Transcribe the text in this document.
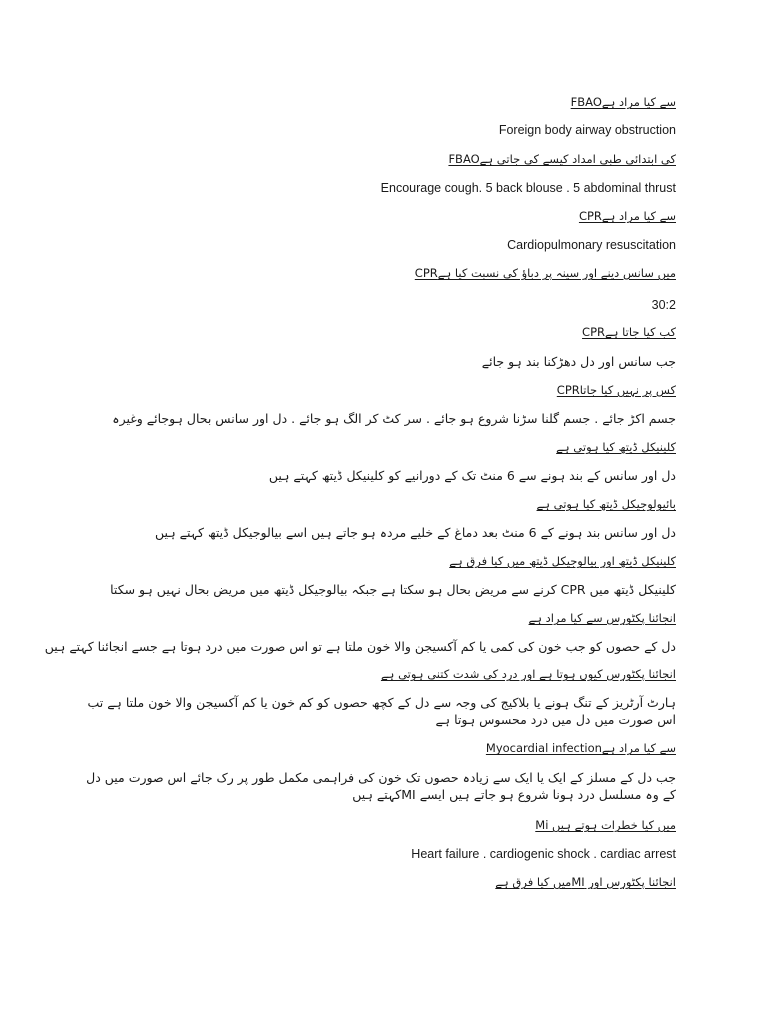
FBAOسے کیا مراد ہے
Foreign body airway obstruction
FBAOکی ابتدائی طبی امداد کیسے کی جاتی ہے
Encourage cough. 5 back blouse . 5 abdominal thrust
CPRسے کیا مراد ہے
Cardiopulmonary resuscitation
CPRمیں سانس دینے اور سینہ پر دباؤ کی نسبت کیا ہے
30:2
CPRکب کیا جاتا ہے
جب سانس اور دل دھڑکنا بند ہو جائے
CPRکس پر نہیں کیا جاتا
جسم اکڑ جائے . جسم گلنا سڑنا شروع ہو جائے . سر کٹ کر الگ ہو جائے . دل اور سانس بحال ہوجائے وغیرہ
کلینیکل ڈیتھ کیا ہوتی ہے
دل اور سانس کے بند ہونے سے 6 منٹ تک کے دورانیے کو کلینیکل ڈیتھ کہتے ہیں
بائیولوجیکل ڈیتھ کیا ہوتی ہے
دل اور سانس بند ہونے کے 6 منٹ بعد دماغ کے خلیے مردہ ہو جاتے ہیں اسے بیالوجیکل ڈیتھ کہتے ہیں
کلینیکل ڈیتھ اور بیالوجیکل ڈیتھ میں کیا فرق ہے
کلینیکل ڈیتھ میں CPR کرنے سے مریض بحال ہو سکتا ہے جبکہ بیالوجیکل ڈیتھ میں مریض بحال نہیں ہو سکتا
انجائنا پکٹورس سے کیا مراد ہے
دل کے حصوں کو جب خون کی کمی یا کم آکسیجن والا خون ملتا ہے تو اس صورت میں درد ہوتا ہے جسے انجائنا کہتے ہیں
انجائنا پکٹورس کیوں ہوتا ہے اور درد کی شدت کتنی ہوتی ہے
ہارٹ آرٹریز کے تنگ ہونے یا بلاکیج کی وجہ سے دل کے کچھ حصوں کو کم خون یا کم آکسیجن والا خون ملتا ہے تب اس صورت میں دل میں درد محسوس ہوتا ہے
Myocardial infectionسے کیا مراد ہے
جب دل کے مسلز کے ایک یا ایک سے زیادہ حصوں تک خون کی فراہمی مکمل طور پر رک جائے اس صورت میں دل کے وہ مسلسل درد ہونا شروع ہو جاتے ہیں ایسے MIکہتے ہیں
Mi میں کیا خطرات ہوتے ہیں
Heart failure . cardiogenic shock . cardiac arrest
انجائنا پکٹورس اور MIمیں کیا فرق ہے
